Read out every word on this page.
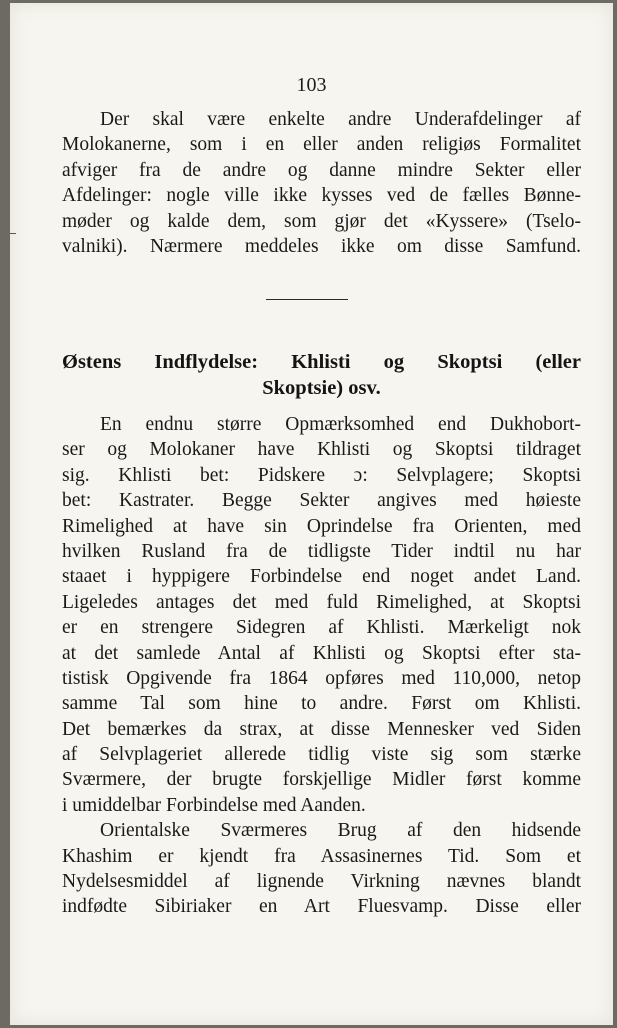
103
Der skal være enkelte andre Underafdelinger af
Molokanerne, som i en eller anden religiøs Formalitet
afviger fra de andre og danne mindre Sekter eller
Afdelinger: nogle ville ikke kysses ved de fælles Bønne-
møder og kalde dem, som gjør det «Kyssere» (Tselo-
valniki). Nærmere meddeles ikke om disse Samfund.
Østens Indflydelse: Khlisti og Skoptsi (eller
Skoptsie) osv.
En endnu større Opmærksomhed end Dukhobort-
ser og Molokaner have Khlisti og Skoptsi tildraget
sig. Khlisti bet: Pidskere ɔ: Selvplagere; Skoptsi
bet: Kastrater. Begge Sekter angives med høieste
Rimelighed at have sin Oprindelse fra Orienten, med
hvilken Rusland fra de tidligste Tider indtil nu har
staaet i hyppigere Forbindelse end noget andet Land.
Ligeledes antages det med fuld Rimelighed, at Skoptsi
er en strengere Sidegren af Khlisti. Mærkeligt nok
at det samlede Antal af Khlisti og Skoptsi efter sta-
tistisk Opgivende fra 1864 opføres med 110,000, netop
samme Tal som hine to andre. Først om Khlisti.
Det bemærkes da strax, at disse Mennesker ved Siden
af Selvplageriet allerede tidlig viste sig som stærke
Sværmere, der brugte forskjellige Midler først komme
i umiddelbar Forbindelse med Aanden.
Orientalske Sværmeres Brug af den hidsende
Khashim er kjendt fra Assasinernes Tid. Som et
Nydelsesmiddel af lignende Virkning nævnes blandt
indfødte Sibiriaker en Art Fluesvamp. Disse eller
